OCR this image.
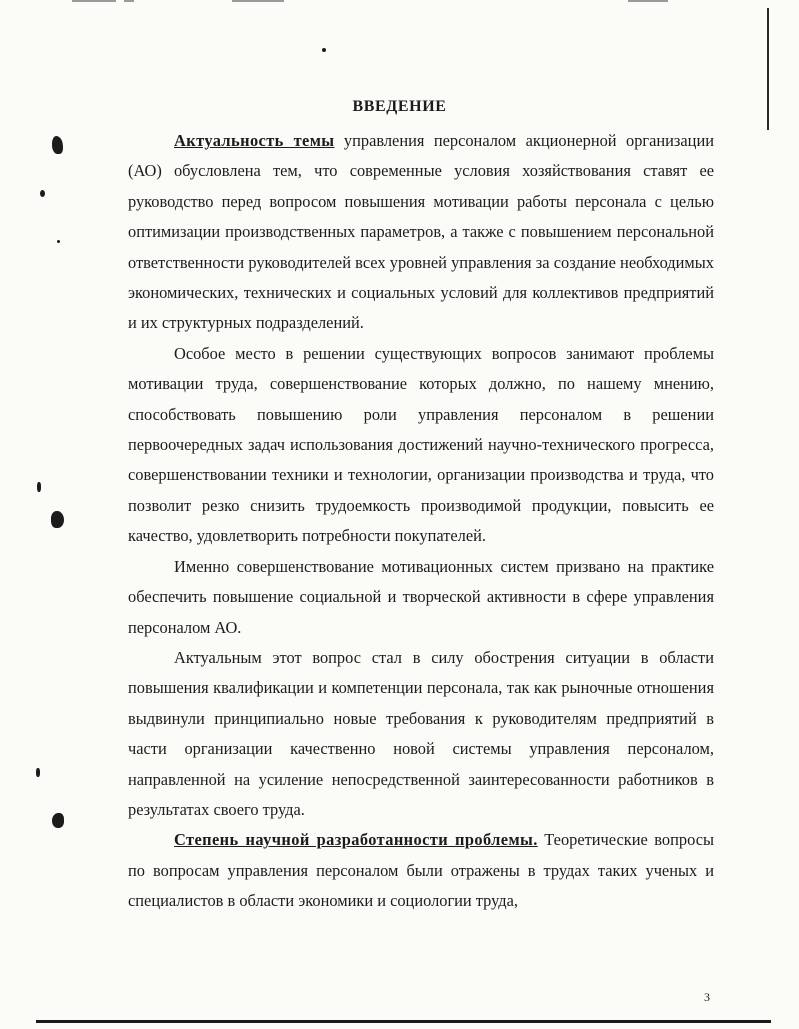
ВВЕДЕНИЕ

Актуальность темы управления персоналом акционерной организации (АО) обусловлена тем, что современные условия хозяйствования ставят ее руководство перед вопросом повышения мотивации работы персонала с целью оптимизации производственных параметров, а также с повышением персональной ответственности руководителей всех уровней управления за создание необходимых экономических, технических и социальных условий для коллективов предприятий и их структурных подразделений.

Особое место в решении существующих вопросов занимают проблемы мотивации труда, совершенствование которых должно, по нашему мнению, способствовать повышению роли управления персоналом в решении первоочередных задач использования достижений научно-технического прогресса, совершенствовании техники и технологии, организации производства и труда, что позволит резко снизить трудоемкость производимой продукции, повысить ее качество, удовлетворить потребности покупателей.

Именно совершенствование мотивационных систем призвано на практике обеспечить повышение социальной и творческой активности в сфере управления персоналом АО.

Актуальным этот вопрос стал в силу обострения ситуации в области повышения квалификации и компетенции персонала, так как рыночные отношения выдвинули принципиально новые требования к руководителям предприятий в части организации качественно новой системы управления персоналом, направленной на усиление непосредственной заинтересованности работников в результатах своего труда.

Степень научной разработанности проблемы. Теоретические вопросы по вопросам управления персоналом были отражены в трудах таких ученых и специалистов в области экономики и социологии труда,

3
